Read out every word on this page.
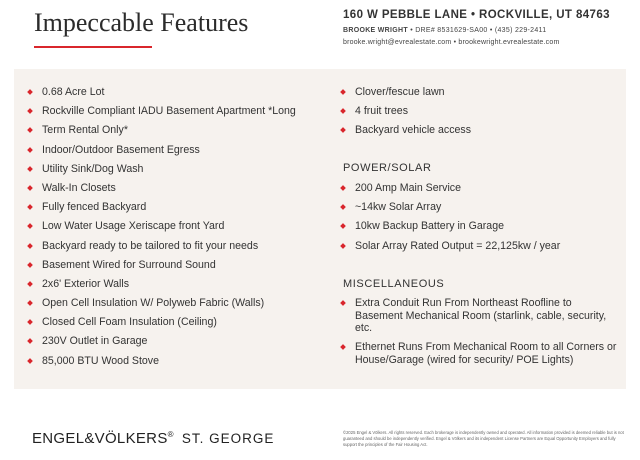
Impeccable Features	160 W PEBBLE LANE • ROCKVILLE, UT 84763
BROOKE WRIGHT • DRE# 8531629-SA00 • (435) 229-2411
brooke.wright@evrealestate.com • brookewright.evrealestate.com
0.68 Acre Lot
Rockville Compliant IADU Basement Apartment *Long
Term Rental Only*
Indoor/Outdoor Basement Egress
Utility Sink/Dog Wash
Walk-In Closets
Fully fenced Backyard
Low Water Usage Xeriscape front Yard
Backyard ready to be tailored to fit your needs
Basement Wired for Surround Sound
2x6' Exterior Walls
Open Cell Insulation W/ Polyweb Fabric (Walls)
Closed Cell Foam Insulation (Ceiling)
230V Outlet in Garage
85,000 BTU Wood Stove
Clover/fescue lawn
4 fruit trees
Backyard vehicle access
POWER/SOLAR
200 Amp Main Service
~14kw Solar Array
10kw Backup Battery in Garage
Solar Array Rated Output = 22,125kw / year
MISCELLANEOUS
Extra Conduit Run From Northeast Roofline to Basement Mechanical Room (starlink, cable, security, etc.
Ethernet Runs From Mechanical Room to all Corners or House/Garage (wired for security/ POE Lights)
ENGEL&VÖLKERS® ST. GEORGE	©2025 Engel & Völkers. All rights reserved. Each brokerage is independently owned and operated. All information provided is deemed reliable but is not guaranteed and should be independently verified. Engel & Völkers and its independent License Partners are Equal Opportunity Employers and fully support the principles of the Fair Housing Act.
